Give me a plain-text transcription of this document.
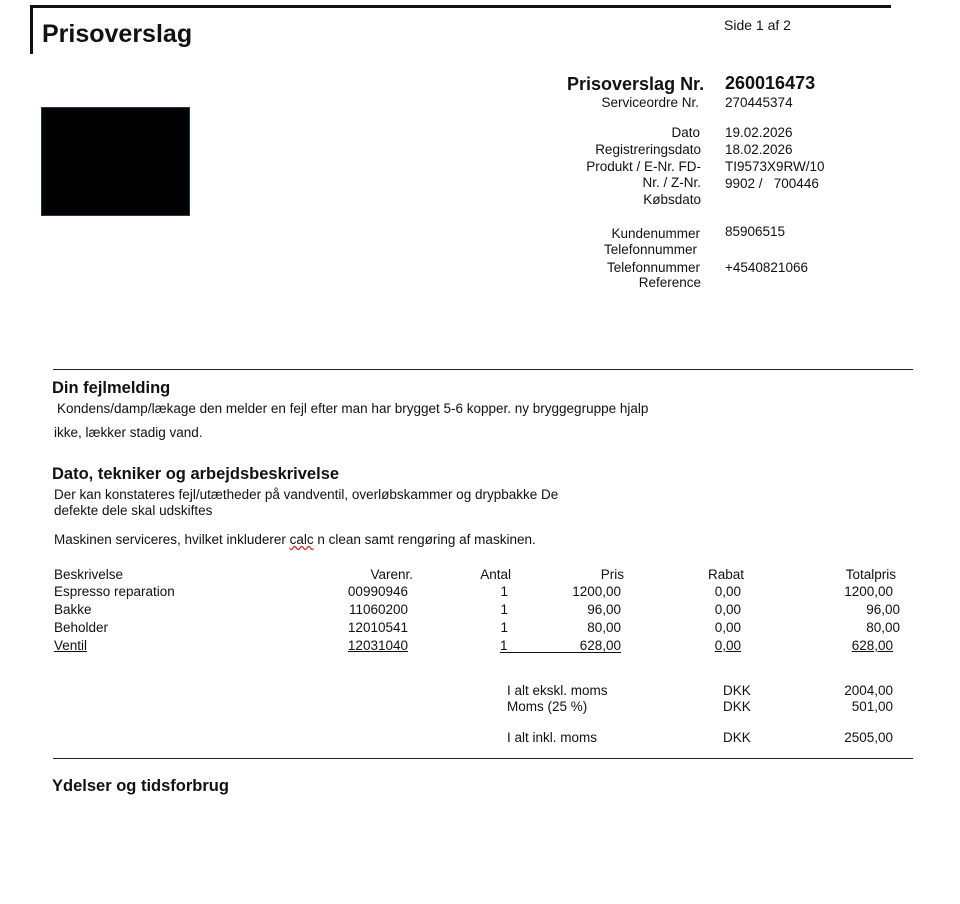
Prisoverslag	Side 1 af 2
Prisoverslag Nr. 260016473
Serviceordre Nr. 270445374
Dato 19.02.2026
Registreringsdato 18.02.2026
Produkt / E-Nr. FD- TI9573X9RW/10
Nr. / Z-Nr. 9902 /   700446
Købsdato
Kundenummer 85906515
Telefonnummer
Telefonnummer +4540821066
Reference
Din fejlmelding
Kondens/damp/lækage den melder en fejl efter man har brygget 5-6 kopper. ny bryggegruppe hjalp
ikke, lækker stadig vand.
Dato, tekniker og arbejdsbeskrivelse
Der kan konstateres fejl/utætheder på vandventil, overløbskammer og drypbakke De
defekte dele skal udskiftes
Maskinen serviceres, hvilket inkluderer calc n clean samt rengøring af maskinen.
Beskrivelse	Varenr.	Antal	Pris	Rabat	Totalpris
Espresso reparation	00990946	1	1200,00	0,00	1200,00
Bakke	11060200	1	96,00	0,00	96,00
Beholder	12010541	1	80,00	0,00	80,00
Ventil	12031040	1	628,00	0,00	628,00
I alt ekskl. moms	DKK	2004,00
Moms (25 %)	DKK	501,00
I alt inkl. moms	DKK	2505,00
Ydelser og tidsforbrug
